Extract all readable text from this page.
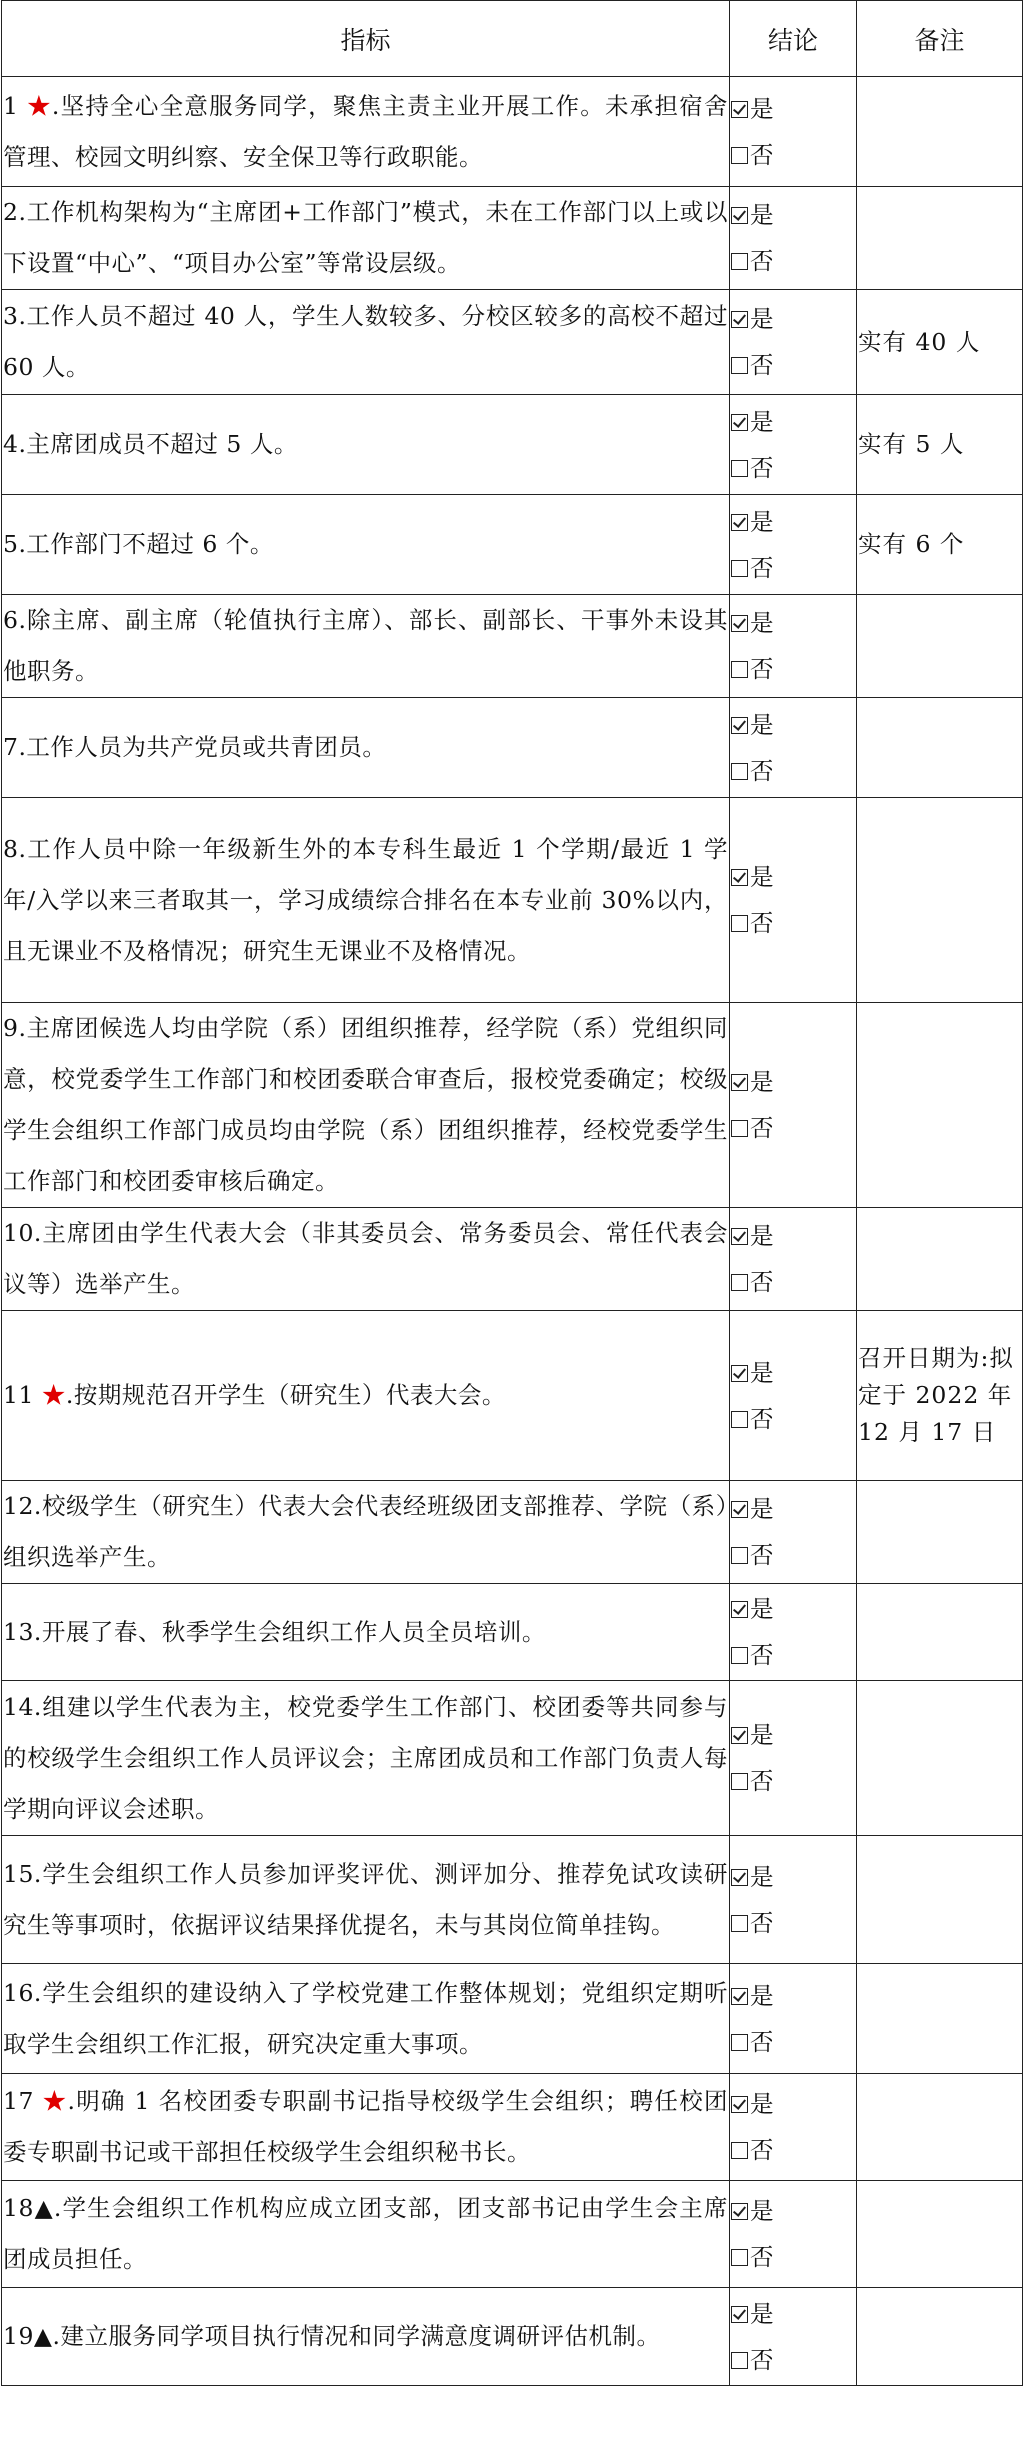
指标	结论	备注
1 ★.坚持全心全意服务同学，聚焦主责主业开展工作。未承担宿舍管理、校园文明纠察、安全保卫等行政职能。	是
否	

2.工作机构架构为“主席团+工作部门”模式，未在工作部门以上或以下设置“中心”、“项目办公室”等常设层级。	是
否	

3.工作人员不超过 40 人，学生人数较多、分校区较多的高校不超过 60 人。	是
否	实有 40 人
4.主席团成员不超过 5 人。	是
否	实有 5 人
5.工作部门不超过 6 个。	是
否	实有 6 个
6.除主席、副主席（轮值执行主席）、部长、副部长、干事外未设其他职务。	是
否	

7.工作人员为共产党员或共青团员。	是
否	

8.工作人员中除一年级新生外的本专科生最近 1 个学期/最近 1 学年/入学以来三者取其一，学习成绩综合排名在本专业前 30%以内，且无课业不及格情况；研究生无课业不及格情况。	是
否	

9.主席团候选人均由学院（系）团组织推荐，经学院（系）党组织同意，校党委学生工作部门和校团委联合审查后，报校党委确定；校级学生会组织工作部门成员均由学院（系）团组织推荐，经校党委学生工作部门和校团委审核后确定。	是
否	

10.主席团由学生代表大会（非其委员会、常务委员会、常任代表会议等）选举产生。	是
否	

11 ★.按期规范召开学生（研究生）代表大会。	是
否	召开日期为:拟定于 2022 年 12 月 17 日
12.校级学生（研究生）代表大会代表经班级团支部推荐、学院（系）组织选举产生。	是
否	

13.开展了春、秋季学生会组织工作人员全员培训。	是
否	

14.组建以学生代表为主，校党委学生工作部门、校团委等共同参与的校级学生会组织工作人员评议会；主席团成员和工作部门负责人每学期向评议会述职。	是
否	

15.学生会组织工作人员参加评奖评优、测评加分、推荐免试攻读研究生等事项时，依据评议结果择优提名，未与其岗位简单挂钩。	是
否	

16.学生会组织的建设纳入了学校党建工作整体规划；党组织定期听取学生会组织工作汇报，研究决定重大事项。	是
否	

17 ★.明确 1 名校团委专职副书记指导校级学生会组织；聘任校团委专职副书记或干部担任校级学生会组织秘书长。	是
否	

18▲.学生会组织工作机构应成立团支部，团支部书记由学生会主席团成员担任。	是
否	

19▲.建立服务同学项目执行情况和同学满意度调研评估机制。	是
否	
